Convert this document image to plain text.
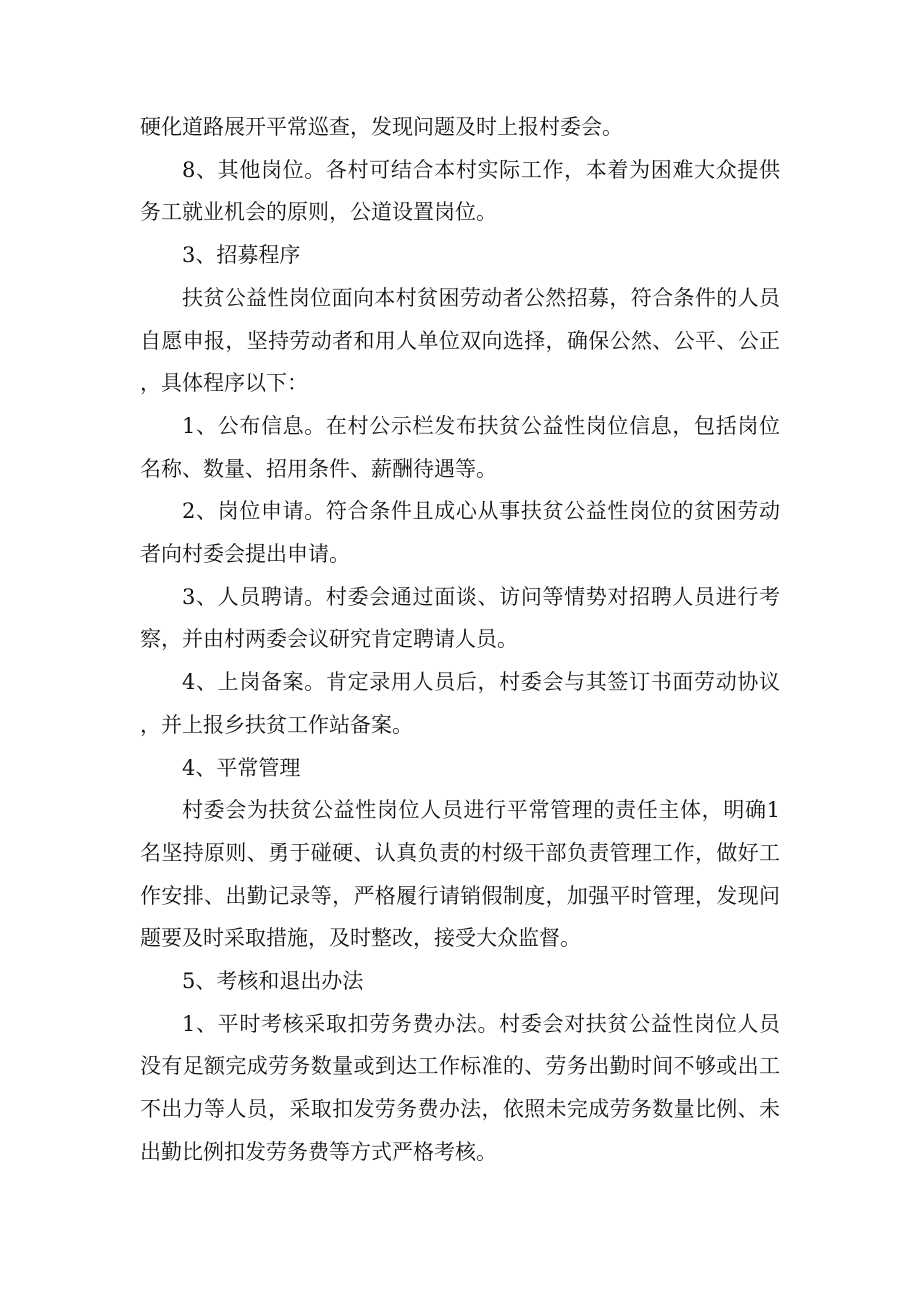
硬化道路展开平常巡查，发现问题及时上报村委会。

8、其他岗位。各村可结合本村实际工作，本着为困难大众提供务工就业机会的原则，公道设置岗位。

3、招募程序

扶贫公益性岗位面向本村贫困劳动者公然招募，符合条件的人员自愿申报，坚持劳动者和用人单位双向选择，确保公然、公平、公正，具体程序以下：

1、公布信息。在村公示栏发布扶贫公益性岗位信息，包括岗位名称、数量、招用条件、薪酬待遇等。

2、岗位申请。符合条件且成心从事扶贫公益性岗位的贫困劳动者向村委会提出申请。

3、人员聘请。村委会通过面谈、访问等情势对招聘人员进行考察，并由村两委会议研究肯定聘请人员。

4、上岗备案。肯定录用人员后，村委会与其签订书面劳动协议，并上报乡扶贫工作站备案。

4、平常管理

村委会为扶贫公益性岗位人员进行平常管理的责任主体，明确1名坚持原则、勇于碰硬、认真负责的村级干部负责管理工作，做好工作安排、出勤记录等，严格履行请销假制度，加强平时管理，发现问题要及时采取措施，及时整改，接受大众监督。

5、考核和退出办法

1、平时考核采取扣劳务费办法。村委会对扶贫公益性岗位人员没有足额完成劳务数量或到达工作标准的、劳务出勤时间不够或出工不出力等人员，采取扣发劳务费办法，依照未完成劳务数量比例、未出勤比例扣发劳务费等方式严格考核。
